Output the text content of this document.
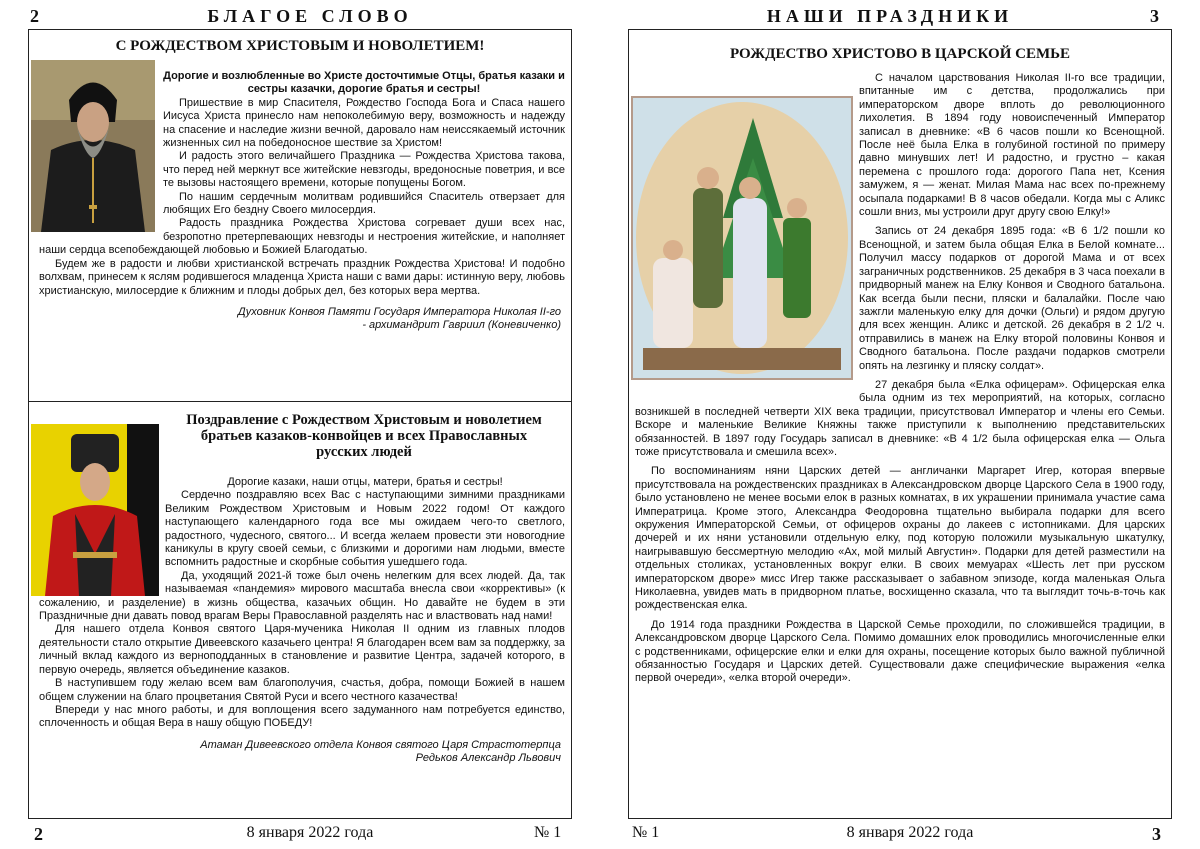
2	БЛАГОЕ СЛОВО
С РОЖДЕСТВОМ ХРИСТОВЫМ И НОВОЛЕТИЕМ!

Дорогие и возлюбленные во Христе досточтимые Отцы, братья казаки и сестры казачки, дорогие братья и сестры!

Пришествие в мир Спасителя, Рождество Господа Бога и Спаса нашего Иисуса Христа принесло нам непоколебимую веру, возможность и надежду на спасение и наследие жизни вечной, даровало нам неиссякаемый источник жизненных сил на победоносное шествие за Христом!

И радость этого величайшего Праздника — Рождества Христова такова, что перед ней меркнут все житейские невзгоды, вредоносные поветрия, и все те вызовы настоящего времени, которые попущены Богом.

По нашим сердечным молитвам родившийся Спаситель отверзает для любящих Его бездну Своего милосердия.

Радость праздника Рождества Христова согревает души всех нас, безропотно претерпевающих невзгоды и нестроения житейские, и наполняет наши сердца всепобеждающей любовью и Божией Благодатью.

Будем же в радости и любви христианской встречать праздник Рождества Христова! И подобно волхвам, принесем к яслям родившегося младенца Христа наши с вами дары: истинную веру, любовь христианскую, милосердие к ближним и плоды добрых дел, без которых вера мертва.

Духовник Конвоя Памяти Государя Императора Николая II-го
- архимандрит Гавриил (Коневиченко)
Поздравление с Рождеством Христовым и новолетием братьев казаков-конвойцев и всех Православных русских людей

Дорогие казаки, наши отцы, матери, братья и сестры!

Сердечно поздравляю всех Вас с наступающими зимними праздниками Великим Рождеством Христовым и Новым 2022 годом! От каждого наступающего календарного года все мы ожидаем чего-то светлого, радостного, чудесного, святого... И всегда желаем провести эти новогодние каникулы в кругу своей семьи, с близкими и дорогими нам людьми, вместе вспомнить радостные и скорбные события ушедшего года.

Да, уходящий 2021-й тоже был очень нелегким для всех людей. Да, так называемая «пандемия» мирового масштаба внесла свои «коррективы» (к сожалению, и разделение) в жизнь общества, казачьих общин. Но давайте не будем в эти Праздничные дни давать повод врагам Веры Православной разделять нас и властвовать над нами!

Для нашего отдела Конвоя святого Царя-мученика Николая II одним из главных плодов деятельности стало открытие Дивеевского казачьего центра! Я благодарен всем вам за поддержку, за личный вклад каждого из верноподданных в становление и развитие Центра, задачей которого, в первую очередь, является объединение казаков.

В наступившем году желаю всем вам благополучия, счастья, добра, помощи Божией в нашем общем служении на благо процветания Святой Руси и всего честного казачества!

Впереди у нас много работы, и для воплощения всего задуманного нам потребуется единство, сплоченность и общая Вера в нашу общую ПОБЕДУ!

Атаман Дивеевского отдела Конвоя святого Царя Страстотерпца
Редьков Александр Львович
2	8 января 2022 года	№ 1
НАШИ ПРАЗДНИКИ	3
РОЖДЕСТВО ХРИСТОВО В ЦАРСКОЙ СЕМЬЕ

С началом царствования Николая II-го все традиции, впитанные им с детства, продолжались при императорском дворе вплоть до революционного лихолетия. В 1894 году новоиспеченный Император записал в дневнике: «В 6 часов пошли ко Всенощной. После неё была Елка в голубиной гостиной по примеру давно минувших лет! И радостно, и грустно – какая перемена с прошлого года: дорогого Папа нет, Ксения замужем, я — женат. Милая Мама нас всех по-прежнему осыпала подарками! В 8 часов обедали. Когда мы с Аликс сошли вниз, мы устроили друг другу свою Елку!»

Запись от 24 декабря 1895 года: «В 6 1/2 пошли ко Всенощной, и затем была общая Елка в Белой комнате... Получил массу подарков от дорогой Мама и от всех заграничных родственников. 25 декабря в 3 часа поехали в придворный манеж на Елку Конвоя и Сводного батальона. Как всегда были песни, пляски и балалайки. После чаю зажгли маленькую елку для дочки (Ольги) и рядом другую для всех женщин. Аликс и детской. 26 декабря в 2 1/2 ч. отправились в манеж на Елку второй половины Конвоя и Сводного батальона. После раздачи подарков смотрели опять на лезгинку и пляску солдат».

27 декабря была «Елка офицерам». Офицерская елка была одним из тех мероприятий, на которых, согласно возникшей в последней четверти XIX века традиции, присутствовал Император и члены его Семьи. Вскоре и маленькие Великие Княжны также приступили к выполнению представительских обязанностей. В 1897 году Государь записал в дневнике: «В 4 1/2 была офицерская елка — Ольга тоже присутствовала и смешила всех».

По воспоминаниям няни Царских детей — англичанки Маргарет Игер, которая впервые присутствовала на рождественских праздниках в Александровском дворце Царского Села в 1900 году, было установлено не менее восьми елок в разных комнатах, в их украшении принимала участие сама Императрица. Кроме этого, Александра Феодоровна тщательно выбирала подарки для всего окружения Императорской Семьи, от офицеров охраны до лакеев с истопниками. Для царских дочерей и их няни установили отдельную елку, под которую положили музыкальную шкатулку, наигрывавшую бессмертную мелодию «Ах, мой милый Августин». Подарки для детей разместили на отдельных столиках, установленных вокруг елки. В своих мемуарах «Шесть лет при русском императорском дворе» мисс Игер также рассказывает о забавном эпизоде, когда маленькая Ольга Николаевна, увидев мать в придворном платье, восхищенно сказала, что та выглядит точь-в-точь как рождественская елка.

До 1914 года праздники Рождества в Царской Семье проходили, по сложившейся традиции, в Александровском дворце Царского Села. Помимо домашних елок проводились многочисленные елки с родственниками, офицерские елки и елки для охраны, посещение которых было важной публичной обязанностью Государя и Царских детей. Существовали даже специфические выражения «елка первой очереди», «елка второй очереди».

№ 1	8 января 2022 года	3
